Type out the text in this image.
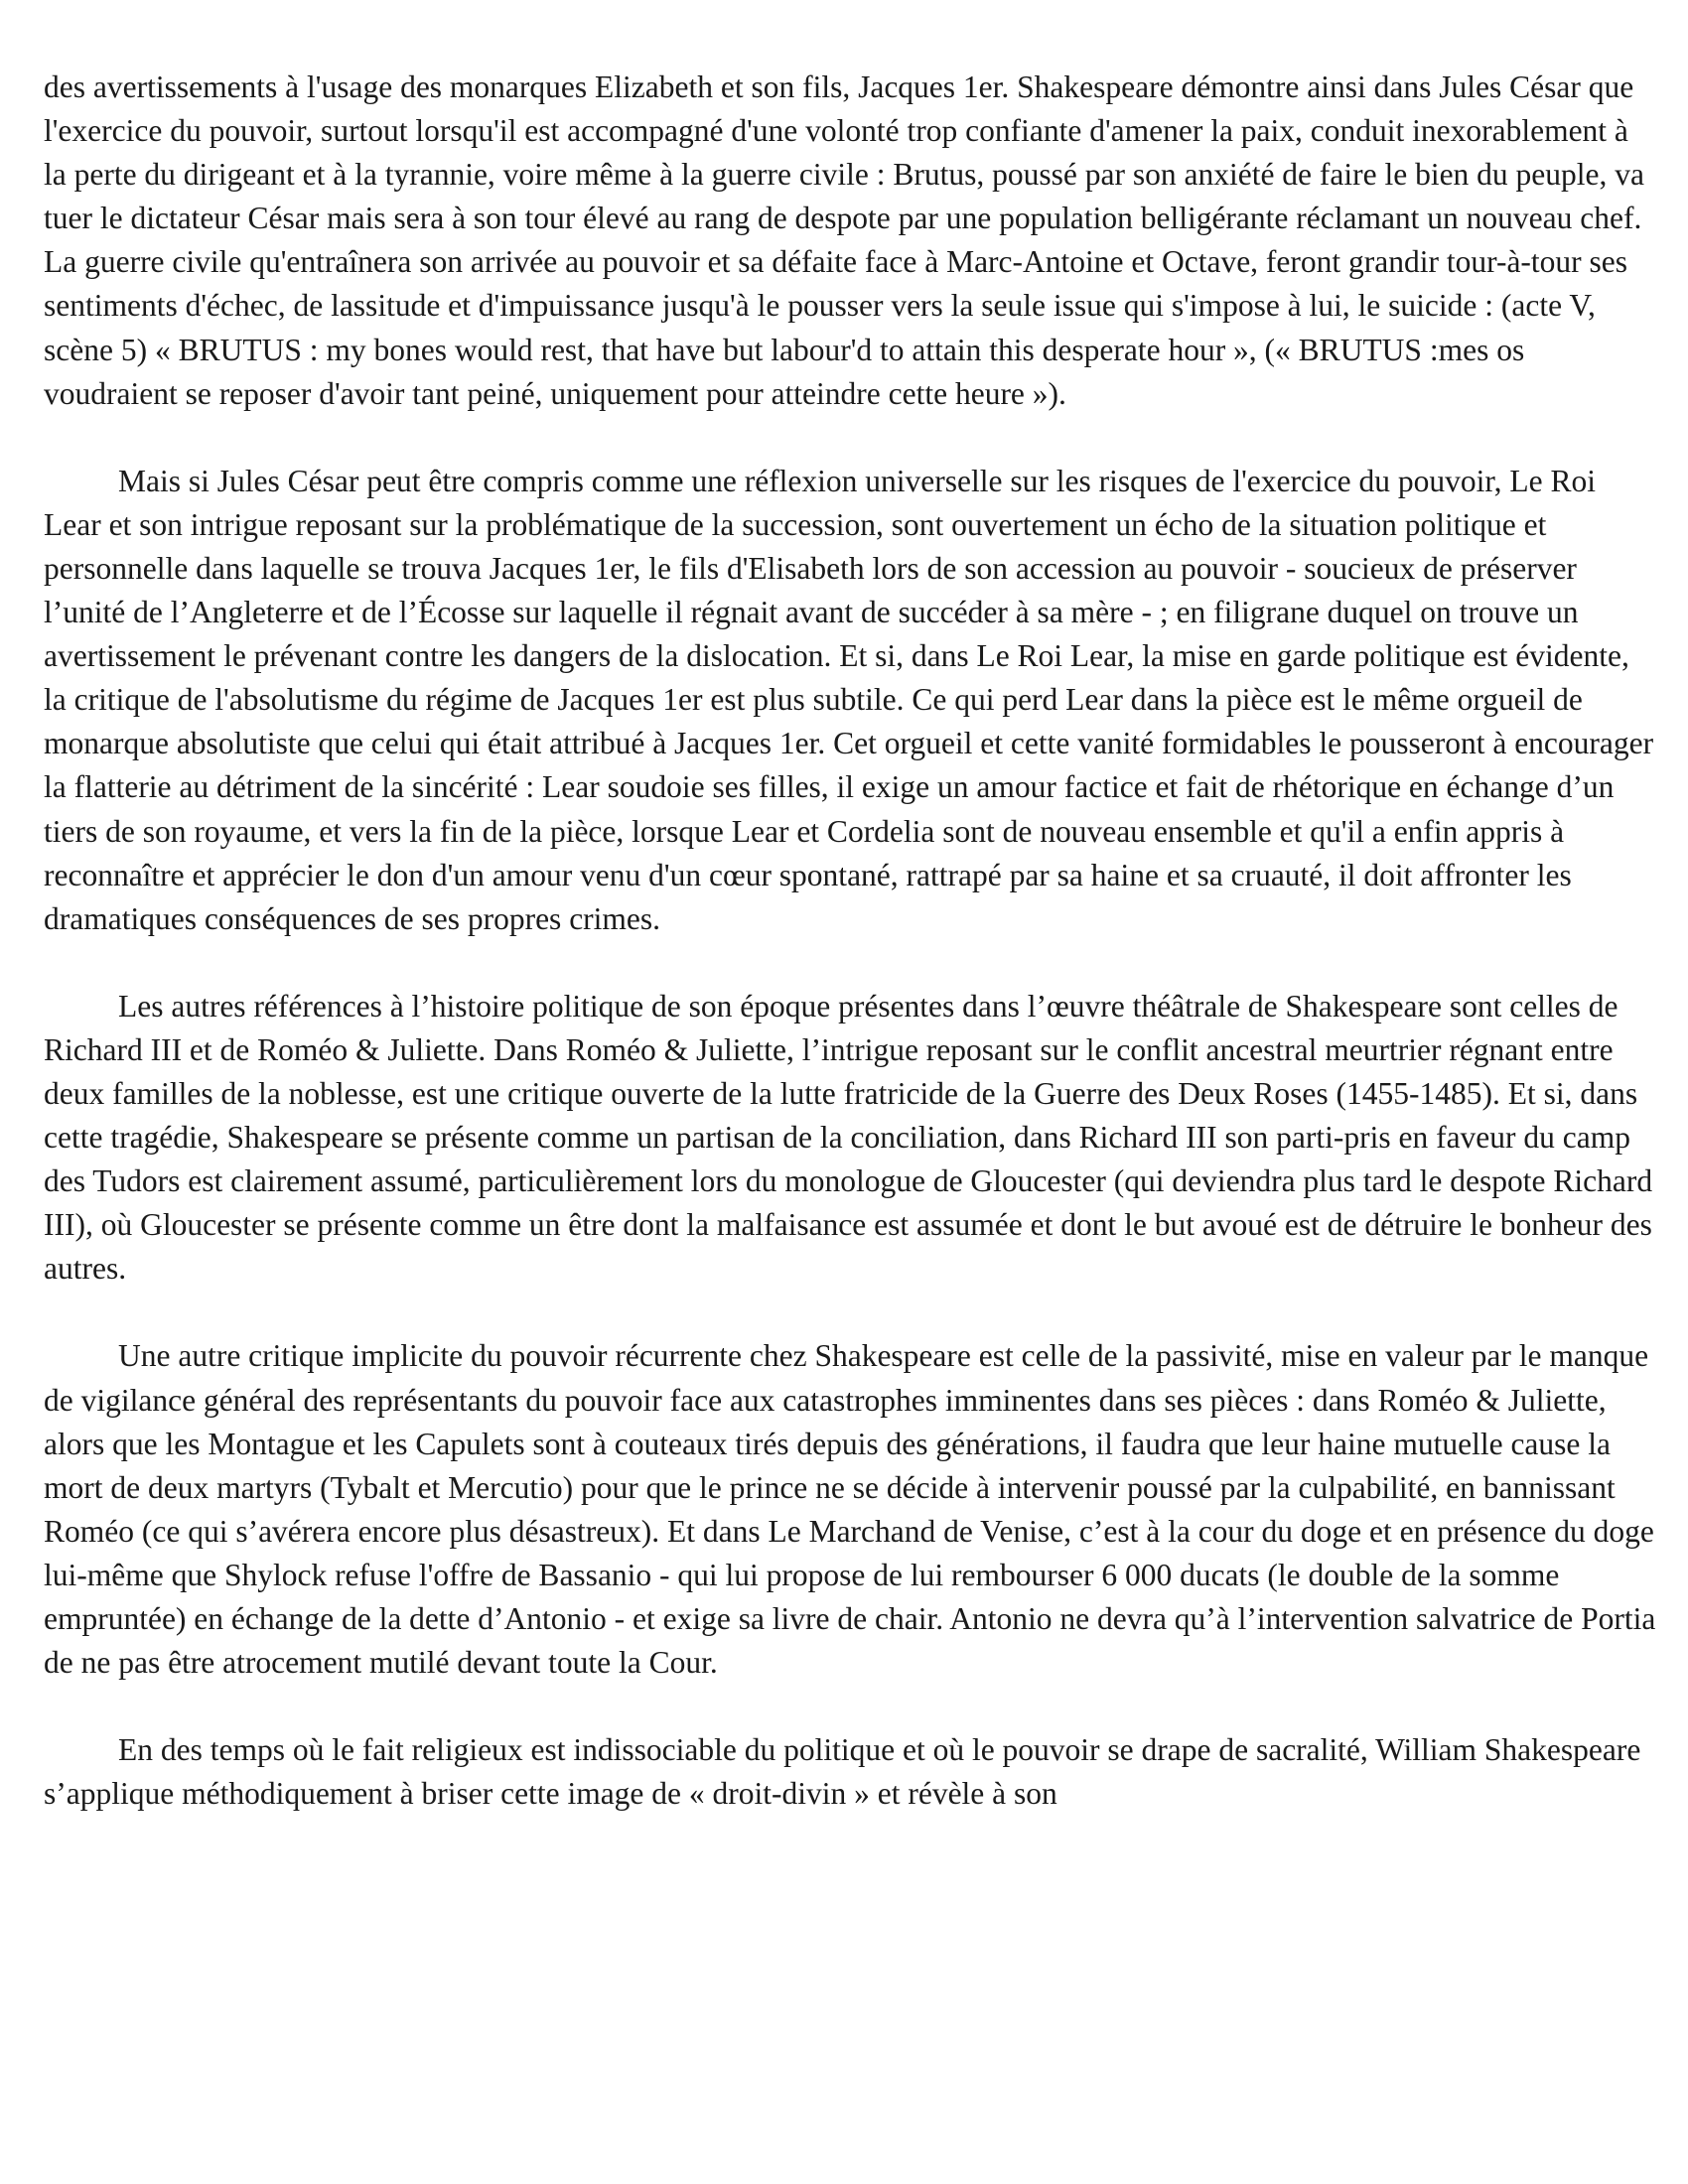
des avertissements à l'usage des monarques Elizabeth et son fils, Jacques 1er. Shakespeare démontre ainsi dans Jules César que l'exercice du pouvoir, surtout lorsqu'il est accompagné d'une volonté trop confiante d'amener la paix, conduit inexorablement à la perte du dirigeant et à la tyrannie, voire même à la guerre civile : Brutus, poussé par son anxiété de faire le bien du peuple, va tuer le dictateur César mais sera à son tour élevé au rang de despote par une population belligérante réclamant un nouveau chef. La guerre civile qu'entraînera son arrivée au pouvoir et sa défaite face à Marc-Antoine et Octave, feront grandir tour-à-tour ses sentiments d'échec, de lassitude et d'impuissance jusqu'à le pousser vers la seule issue qui s'impose à lui, le suicide : (acte V, scène 5) « BRUTUS : my bones would rest, that have but labour'd to attain this desperate hour », (« BRUTUS :mes os voudraient se reposer d'avoir tant peiné, uniquement pour atteindre cette heure »).

Mais si Jules César peut être compris comme une réflexion universelle sur les risques de l'exercice du pouvoir, Le Roi Lear et son intrigue reposant sur la problématique de la succession, sont ouvertement un écho de la situation politique et personnelle dans laquelle se trouva Jacques 1er, le fils d'Elisabeth lors de son accession au pouvoir - soucieux de préserver l’unité de l’Angleterre et de l’Écosse sur laquelle il régnait avant de succéder à sa mère - ; en filigrane duquel on trouve un avertissement le prévenant contre les dangers de la dislocation. Et si, dans Le Roi Lear, la mise en garde politique est évidente, la critique de l'absolutisme du régime de Jacques 1er est plus subtile. Ce qui perd Lear dans la pièce est le même orgueil de monarque absolutiste que celui qui était attribué à Jacques 1er. Cet orgueil et cette vanité formidables le pousseront à encourager la flatterie au détriment de la sincérité : Lear soudoie ses filles, il exige un amour factice et fait de rhétorique en échange d’un tiers de son royaume, et vers la fin de la pièce, lorsque Lear et Cordelia sont de nouveau ensemble et qu'il a enfin appris à reconnaître et apprécier le don d'un amour venu d'un cœur spontané, rattrapé par sa haine et sa cruauté, il doit affronter les dramatiques conséquences de ses propres crimes.

Les autres références à l’histoire politique de son époque présentes dans l’œuvre théâtrale de Shakespeare sont celles de Richard III et de Roméo & Juliette. Dans Roméo & Juliette, l’intrigue reposant sur le conflit ancestral meurtrier régnant entre deux familles de la noblesse, est une critique ouverte de la lutte fratricide de la Guerre des Deux Roses (1455-1485). Et si, dans cette tragédie, Shakespeare se présente comme un partisan de la conciliation, dans Richard III son parti-pris en faveur du camp des Tudors est clairement assumé, particulièrement lors du monologue de Gloucester (qui deviendra plus tard le despote Richard III), où Gloucester se présente comme un être dont la malfaisance est assumée et dont le but avoué est de détruire le bonheur des autres.

Une autre critique implicite du pouvoir récurrente chez Shakespeare est celle de la passivité, mise en valeur par le manque de vigilance général des représentants du pouvoir face aux catastrophes imminentes dans ses pièces : dans Roméo & Juliette, alors que les Montague et les Capulets sont à couteaux tirés depuis des générations, il faudra que leur haine mutuelle cause la mort de deux martyrs (Tybalt et Mercutio) pour que le prince ne se décide à intervenir poussé par la culpabilité, en bannissant Roméo (ce qui s’avérera encore plus désastreux). Et dans Le Marchand de Venise, c’est à la cour du doge et en présence du doge lui-même que Shylock refuse l'offre de Bassanio - qui lui propose de lui rembourser 6 000 ducats (le double de la somme empruntée) en échange de la dette d’Antonio - et exige sa livre de chair. Antonio ne devra qu’à l’intervention salvatrice de Portia de ne pas être atrocement mutilé devant toute la Cour.

En des temps où le fait religieux est indissociable du politique et où le pouvoir se drape de sacralité, William Shakespeare s’applique méthodiquement à briser cette image de « droit-divin » et révèle à son
